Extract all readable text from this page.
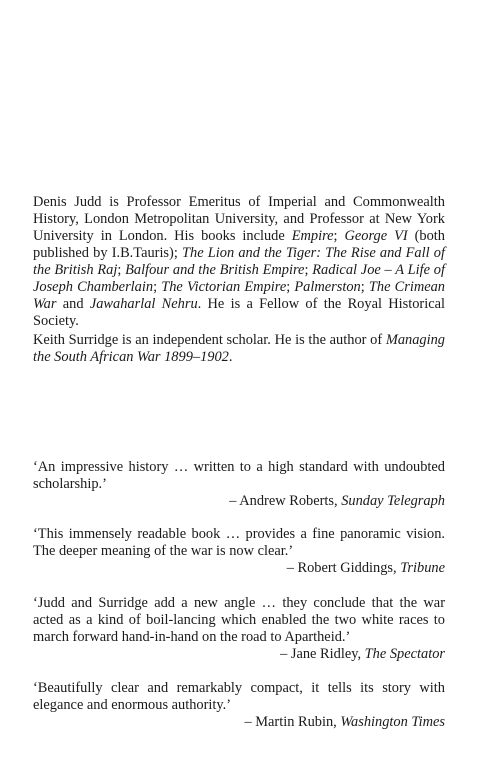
Denis Judd is Professor Emeritus of Imperial and Commonwealth History, London Metropolitan University, and Professor at New York University in London. His books include Empire; George VI (both published by I.B.Tauris); The Lion and the Tiger: The Rise and Fall of the British Raj; Balfour and the British Empire; Radical Joe – A Life of Joseph Chamberlain; The Victorian Empire; Palmerston; The Crimean War and Jawaharlal Nehru. He is a Fellow of the Royal Historical Society.

Keith Surridge is an independent scholar. He is the author of Managing the South African War 1899–1902.

‘An impressive history … written to a high standard with undoubted scholarship.’

– Andrew Roberts, Sunday Telegraph

‘This immensely readable book … provides a fine panoramic vision. The deeper meaning of the war is now clear.’

– Robert Giddings, Tribune

‘Judd and Surridge add a new angle … they conclude that the war acted as a kind of boil-lancing which enabled the two white races to march forward hand-in-hand on the road to Apartheid.’

– Jane Ridley, The Spectator

‘Beautifully clear and remarkably compact, it tells its story with elegance and enormous authority.’

– Martin Rubin, Washington Times
